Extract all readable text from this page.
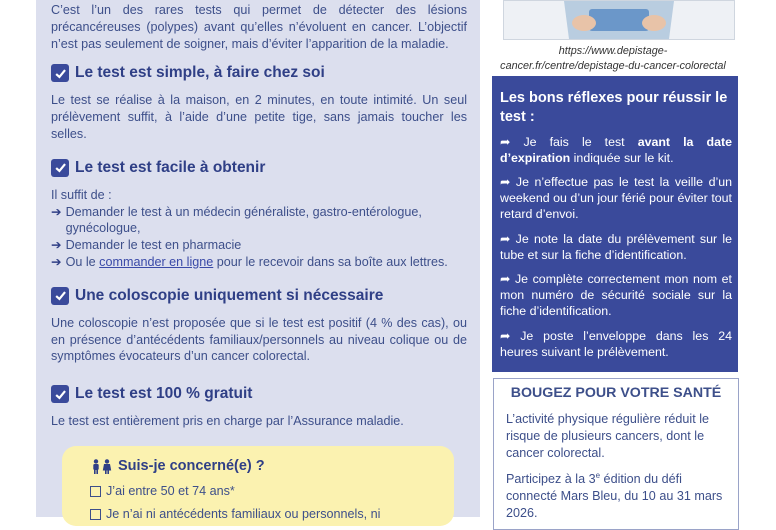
C’est l’un des rares tests qui permet de détecter des lésions précancéreuses (polypes) avant qu’elles n’évoluent en cancer. L’objectif n’est pas seulement de soigner, mais d’éviter l’apparition de la maladie.

Le test est simple, à faire chez soi

Le test se réalise à la maison, en 2 minutes, en toute intimité. Un seul prélèvement suffit, à l’aide d’une petite tige, sans jamais toucher les selles.

Le test est facile à obtenir
Il suffit de :
➔ Demander le test à un médecin généraliste, gastro-entérologue, gynécologue,
➔ Demander le test en pharmacie
➔ Ou le commander en ligne pour le recevoir dans sa boîte aux lettres.
Une coloscopie uniquement si nécessaire

Une coloscopie n’est proposée que si le test est positif (4 % des cas), ou en présence d’antécédents familiaux/personnels au niveau colique ou de symptômes évocateurs d’un cancer colorectal.

Le test est 100 % gratuit

Le test est entièrement pris en charge par l’Assurance maladie.

Suis-je concerné(e) ?
J’ai entre 50 et 74 ans*
Je n’ai ni antécédents familiaux ou personnels, ni
https://www.depistage-cancer.fr/centre/depistage-du-cancer-colorectal
Les bons réflexes pour réussir le test :
➦ Je fais le test avant la date d’expiration indiquée sur le kit.
➦ Je n’effectue pas le test la veille d’un weekend ou d’un jour férié pour éviter tout retard d’envoi.
➦ Je note la date du prélèvement sur le tube et sur la fiche d’identification.
➦ Je complète correctement mon nom et mon numéro de sécurité sociale sur la fiche d’identification.
➦ Je poste l’enveloppe dans les 24 heures suivant le prélèvement.
BOUGEZ POUR VOTRE SANTÉ
L’activité physique régulière réduit le risque de plusieurs cancers, dont le cancer colorectal.
Participez à la 3e édition du défi connecté Mars Bleu, du 10 au 31 mars 2026.
